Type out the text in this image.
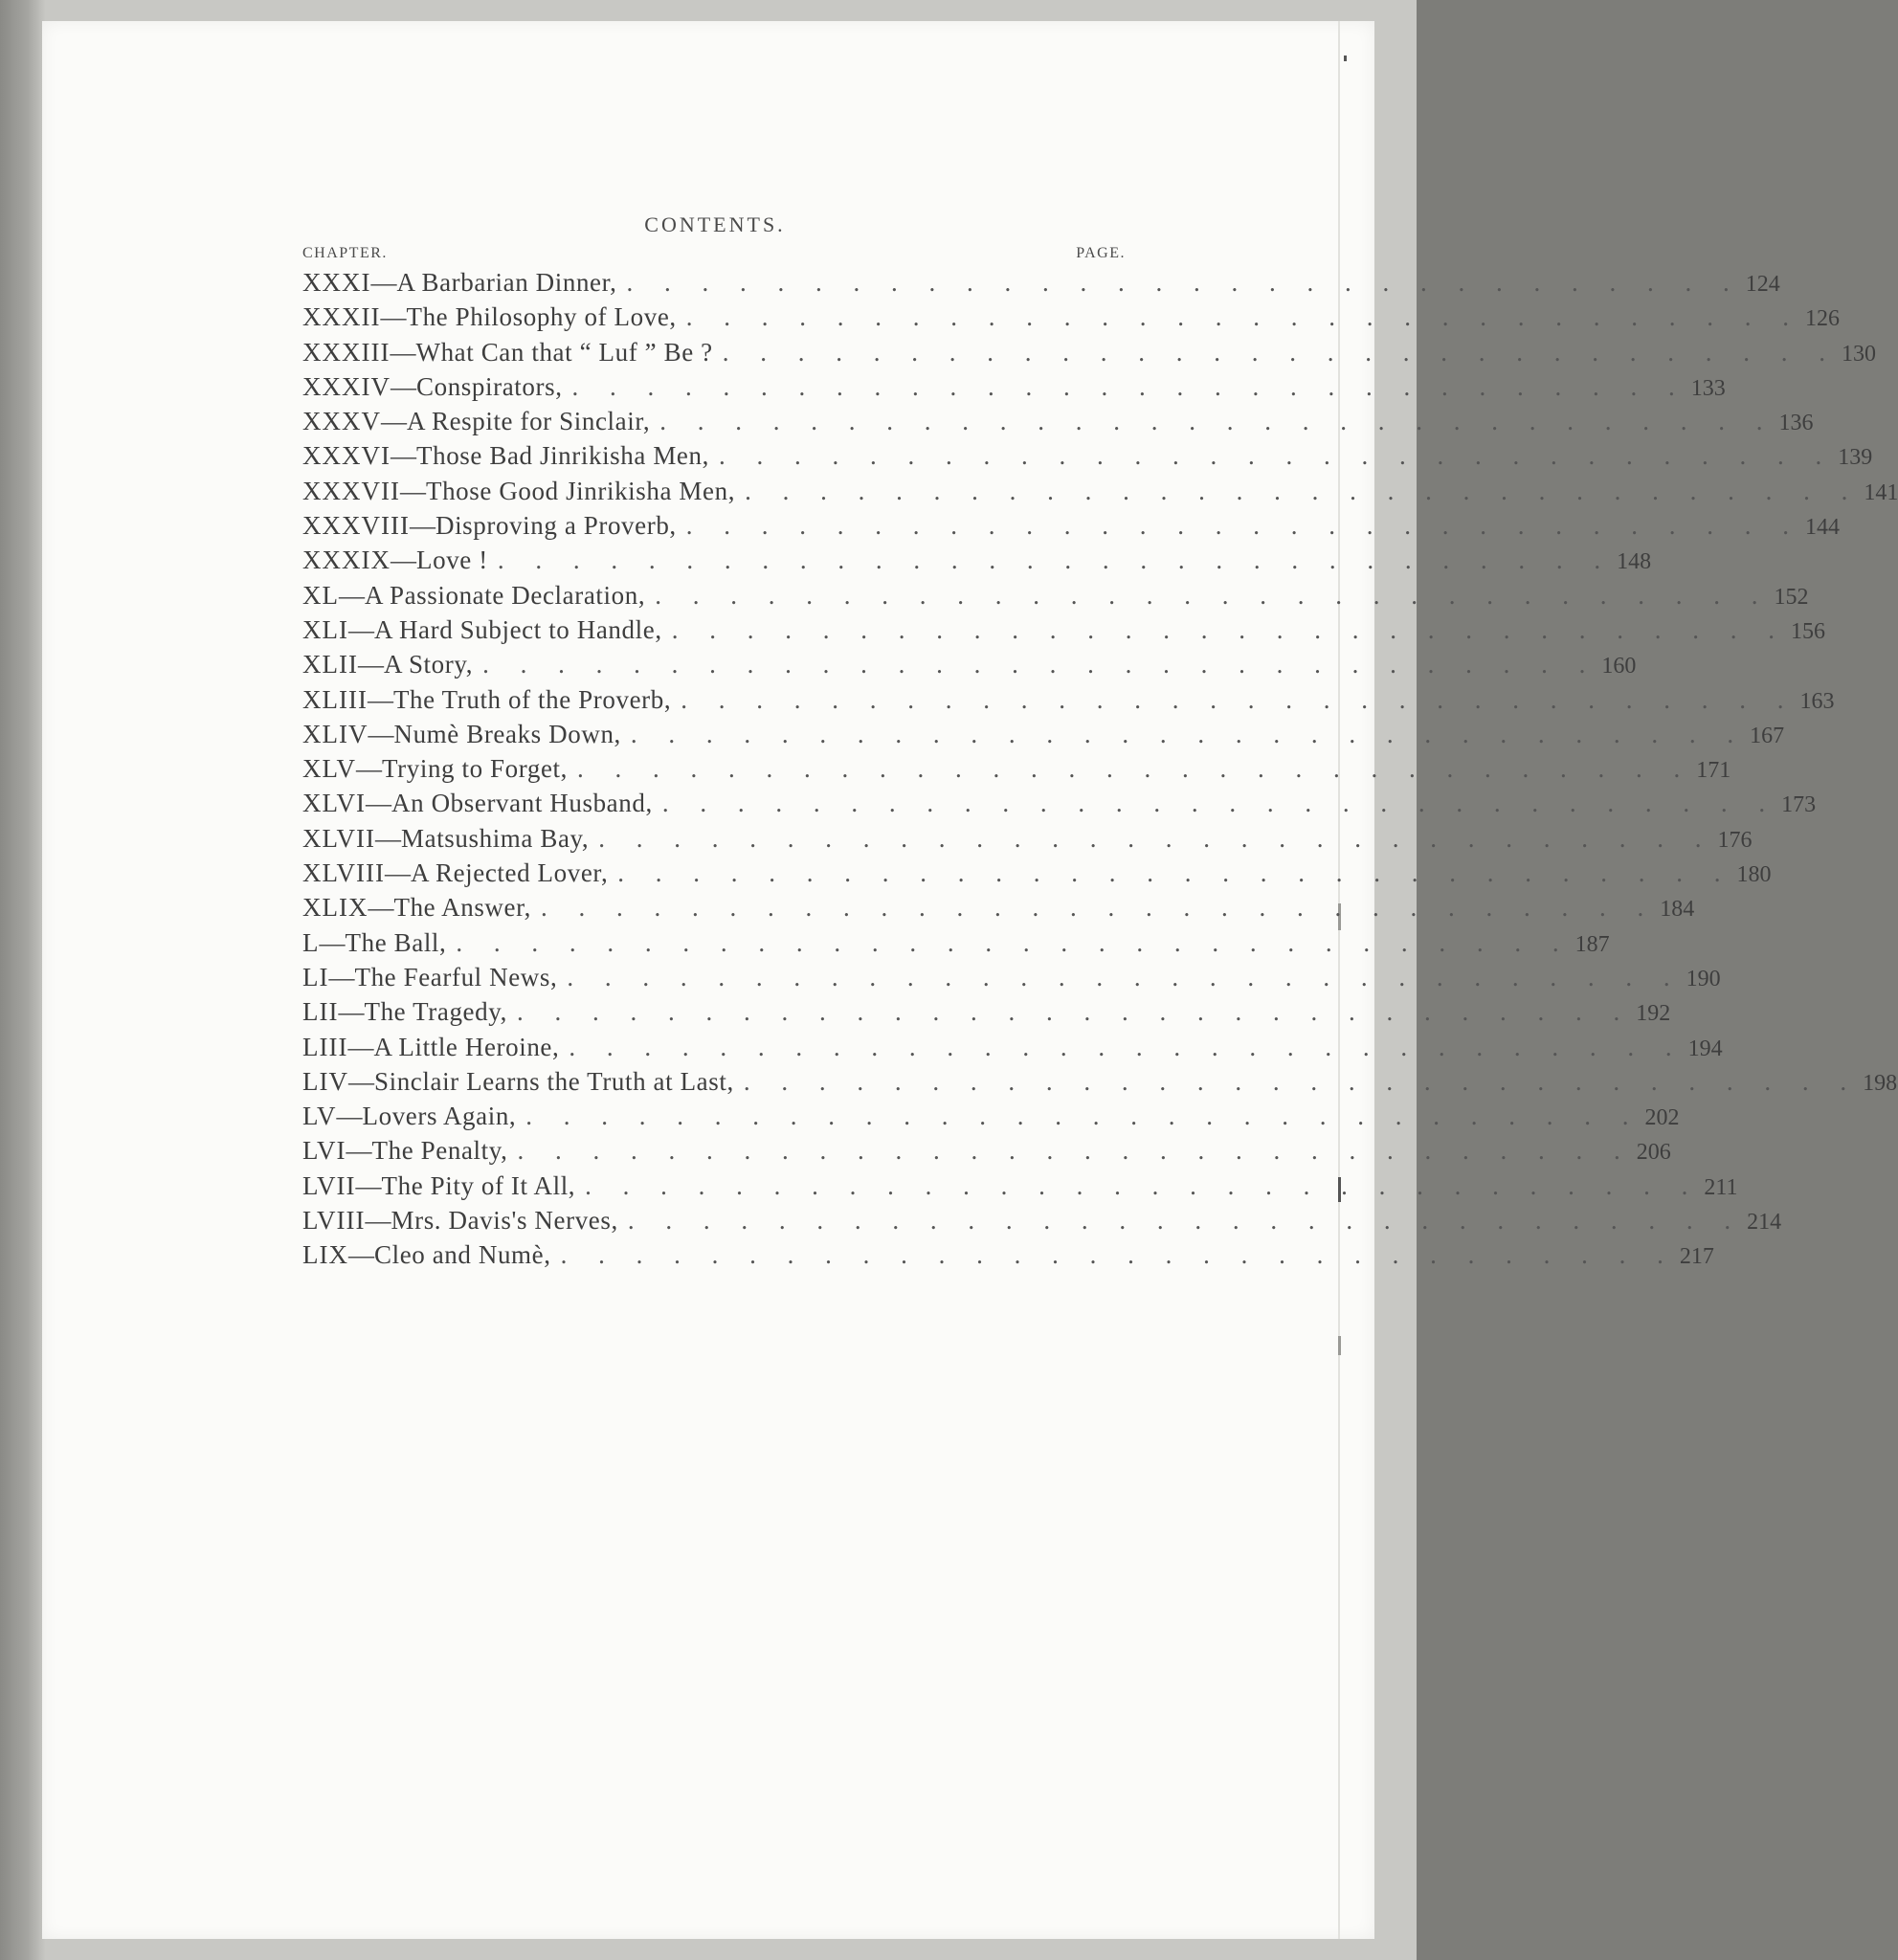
CONTENTS.
CHAPTER.	PAGE.
XXXI — A Barbarian Dinner, . . . . . . . . . . . . . . . . . . . . . . . . . . . . . . 124
XXXII — The Philosophy of Love, . . . . . . . . . . . . . . . . . . . . . . . . . . . . . . 126
XXXIII — What Can that “ Luf ” Be ? . . . . . . . . . . . . . . . . . . . . . . . . . . . . . . 130
XXXIV — Conspirators, . . . . . . . . . . . . . . . . . . . . . . . . . . . . . . 133
XXXV — A Respite for Sinclair, . . . . . . . . . . . . . . . . . . . . . . . . . . . . . . 136
XXXVI — Those Bad Jinrikisha Men, . . . . . . . . . . . . . . . . . . . . . . . . . . . . . . 139
XXXVII — Those Good Jinrikisha Men, . . . . . . . . . . . . . . . . . . . . . . . . . . . . . . 141
XXXVIII — Disproving a Proverb, . . . . . . . . . . . . . . . . . . . . . . . . . . . . . . 144
XXXIX — Love ! . . . . . . . . . . . . . . . . . . . . . . . . . . . . . . 148
XL — A Passionate Declaration, . . . . . . . . . . . . . . . . . . . . . . . . . . . . . . 152
XLI — A Hard Subject to Handle, . . . . . . . . . . . . . . . . . . . . . . . . . . . . . . 156
XLII — A Story, . . . . . . . . . . . . . . . . . . . . . . . . . . . . . . 160
XLIII — The Truth of the Proverb, . . . . . . . . . . . . . . . . . . . . . . . . . . . . . . 163
XLIV — Numè Breaks Down, . . . . . . . . . . . . . . . . . . . . . . . . . . . . . . 167
XLV — Trying to Forget, . . . . . . . . . . . . . . . . . . . . . . . . . . . . . . 171
XLVI — An Observant Husband, . . . . . . . . . . . . . . . . . . . . . . . . . . . . . . 173
XLVII — Matsushima Bay, . . . . . . . . . . . . . . . . . . . . . . . . . . . . . . 176
XLVIII — A Rejected Lover, . . . . . . . . . . . . . . . . . . . . . . . . . . . . . . 180
XLIX — The Answer, . . . . . . . . . . . . . . . . . . . . . . . . . . . . . . 184
L — The Ball, . . . . . . . . . . . . . . . . . . . . . . . . . . . . . . 187
LI — The Fearful News, . . . . . . . . . . . . . . . . . . . . . . . . . . . . . . 190
LII — The Tragedy, . . . . . . . . . . . . . . . . . . . . . . . . . . . . . . 192
LIII — A Little Heroine, . . . . . . . . . . . . . . . . . . . . . . . . . . . . . . 194
LIV — Sinclair Learns the Truth at Last, . . . . . . . . . . . . . . . . . . . . . . . . . . . . . . 198
LV — Lovers Again, . . . . . . . . . . . . . . . . . . . . . . . . . . . . . . 202
LVI — The Penalty, . . . . . . . . . . . . . . . . . . . . . . . . . . . . . . 206
LVII — The Pity of It All, . . . . . . . . . . . . . . . . . . . . . . . . . . . . . . 211
LVIII — Mrs. Davis's Nerves, . . . . . . . . . . . . . . . . . . . . . . . . . . . . . . 214
LIX — Cleo and Numè, . . . . . . . . . . . . . . . . . . . . . . . . . . . . . . 217
